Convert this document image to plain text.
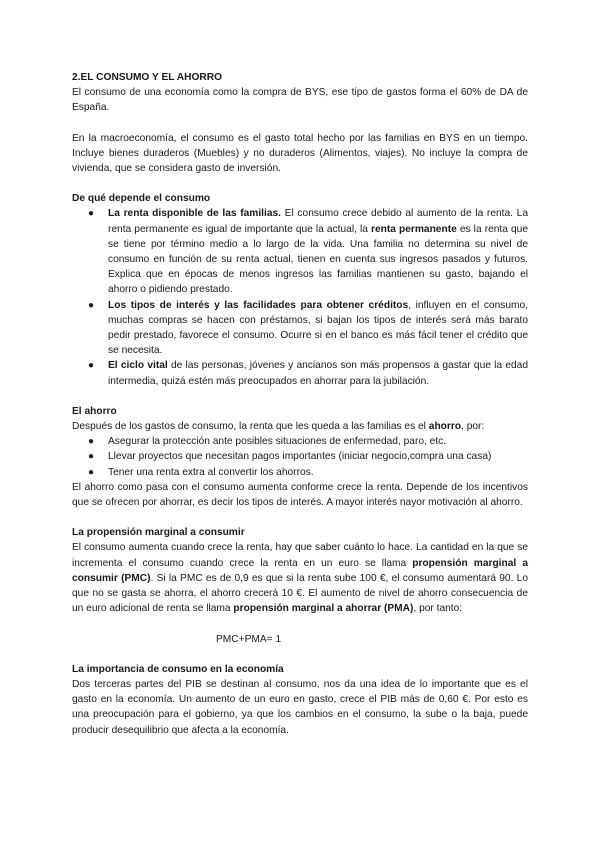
2.EL CONSUMO Y EL AHORRO

El consumo de una economía como la compra de BYS, ese tipo de gastos forma el 60% de DA de España.

En la macroeconomía, el consumo es el gasto total hecho por las familias en BYS en un tiempo. Incluye bienes duraderos (Muebles) y no duraderos (Alimentos, viajes). No incluye la compra de vivienda, que se considera gasto de inversión.

De qué depende el consumo

● La renta disponible de las familias. El consumo crece debido al aumento de la renta. La renta permanente es igual de importante que la actual, la renta permanente es la renta que se tiene por término medio a lo largo de la vida. Una familia no determina su nivel de consumo en función de su renta actual, tienen en cuenta sus ingresos pasados y futuros. Explica que en épocas de menos ingresos las familias mantienen su gasto, bajando el ahorro o pidiendo prestado.
● Los tipos de interés y las facilidades para obtener créditos, influyen en el consumo, muchas compras se hacen con préstamos, si bajan los tipos de interés será más barato pedir prestado, favorece el consumo. Ocurre si en el banco es más fácil tener el crédito que se necesita.
● El ciclo vital de las personas, jóvenes y ancianos son más propensos a gastar que la edad intermedia, quizá estén más preocupados en ahorrar para la jubilación.

El ahorro

Después de los gastos de consumo, la renta que les queda a las familias es el ahorro, por:

● Asegurar la protección ante posibles situaciones de enfermedad, paro, etc.
● Llevar proyectos que necesitan pagos importantes (iniciar negocio,compra una casa)
● Tener una renta extra al convertir los ahorros.

El ahorro como pasa con el consumo aumenta conforme crece la renta. Depende de los incentivos que se ofrecen por ahorrar, es decir los tipos de interés. A mayor interés nayor motivación al ahorro.

La propensión marginal a consumir

El consumo aumenta cuando crece la renta, hay que saber cuánto lo hace. La cantidad en la que se incrementa el consumo cuando crece la renta en un euro se llama propensión marginal a consumir (PMC). Si la PMC es de 0,9 es que si la renta sube 100 €, el consumo aumentará 90. Lo que no se gasta se ahorra, el ahorro crecerá 10 €. El aumento de nivel de ahorro consecuencia de un euro adicional de renta se llama propensión marginal a ahorrar (PMA), por tanto:

PMC+PMA= 1

La importancia de consumo en la economía

Dos terceras partes del PIB se destinan al consumo, nos da una idea de lo importante que es el gasto en la economía. Un aumento de un euro en gasto, crece el PIB más de 0,60 €. Por esto es una preocupación para el gobierno, ya que los cambios en el consumo, la sube o la baja, puede producir desequilibrio que afecta a la economía.
